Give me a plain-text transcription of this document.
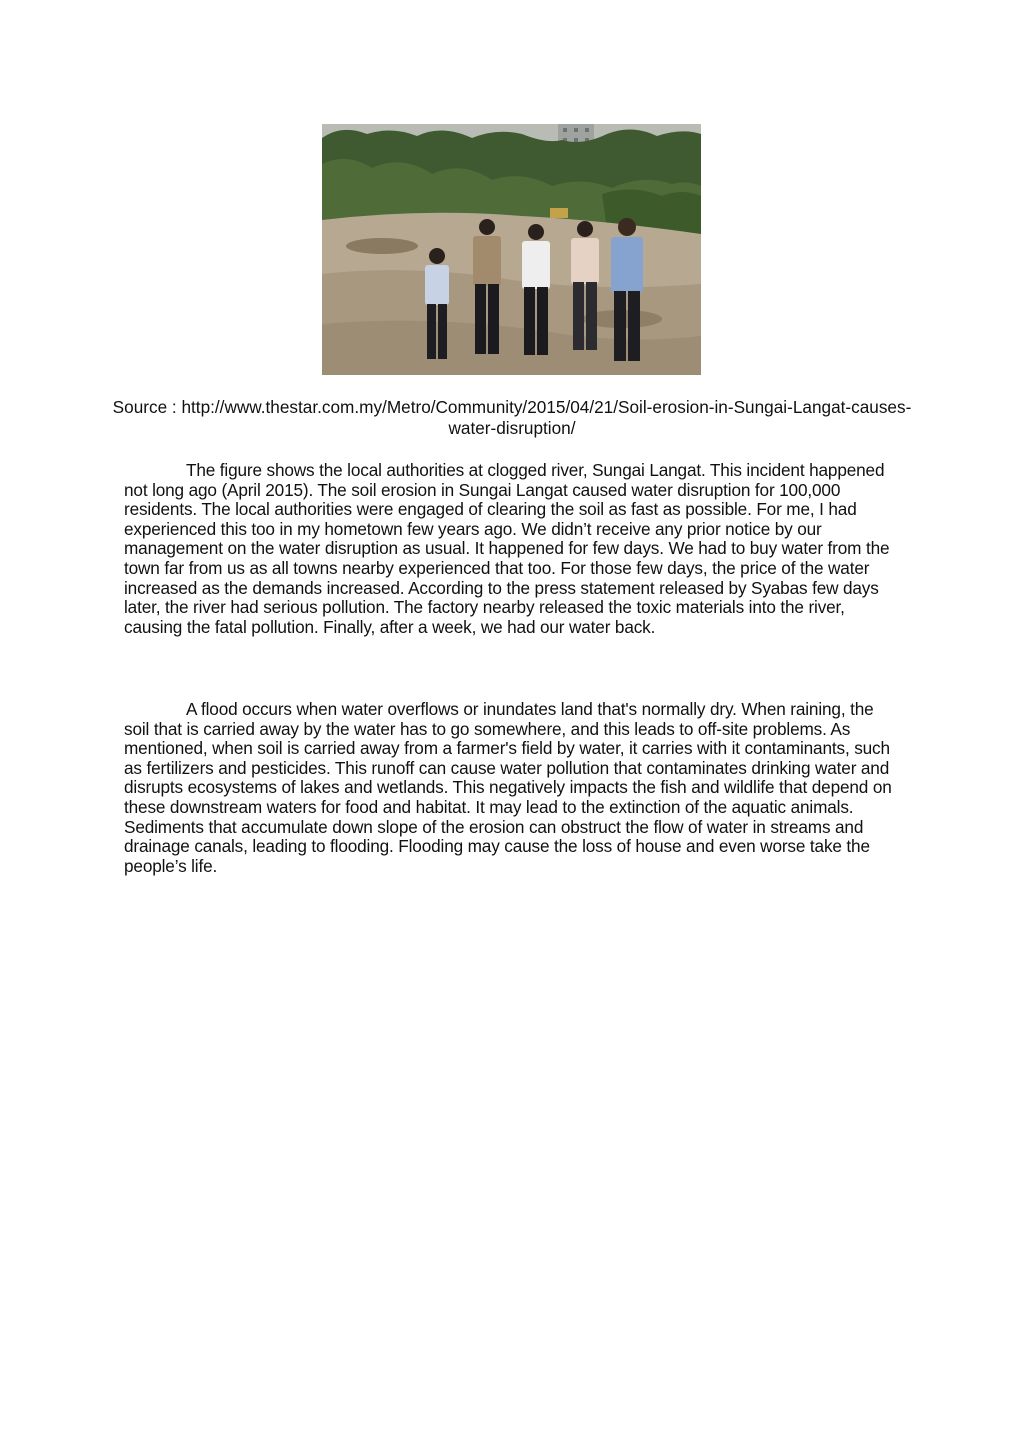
Source : http://www.thestar.com.my/Metro/Community/2015/04/21/Soil-erosion-in-Sungai-Langat-causes-water-disruption/

The figure shows the local authorities at clogged river, Sungai Langat. This incident happened not long ago (April 2015). The soil erosion in Sungai Langat caused water disruption for 100,000 residents. The local authorities were engaged of clearing the soil as fast as possible. For me, I had experienced this too in my hometown few years ago. We didn’t receive any prior notice by our management on the water disruption as usual. It happened for few days. We had to buy water from the town far from us as all towns nearby experienced that too. For those few days, the price of the water increased as the demands increased. According to the press statement released by Syabas few days later, the river had serious pollution. The factory nearby released the toxic materials into the river, causing the fatal pollution. Finally, after a week, we had our water back.

A flood occurs when water overflows or inundates land that's normally dry. When raining, the soil that is carried away by the water has to go somewhere, and this leads to off-site problems. As mentioned, when soil is carried away from a farmer's field by water, it carries with it contaminants, such as fertilizers and pesticides. This runoff can cause water pollution that contaminates drinking water and disrupts ecosystems of lakes and wetlands. This negatively impacts the fish and wildlife that depend on these downstream waters for food and habitat. It may lead to the extinction of the aquatic animals. Sediments that accumulate down slope of the erosion can obstruct the flow of water in streams and drainage canals, leading to flooding. Flooding may cause the loss of house and even worse take the people’s life.
